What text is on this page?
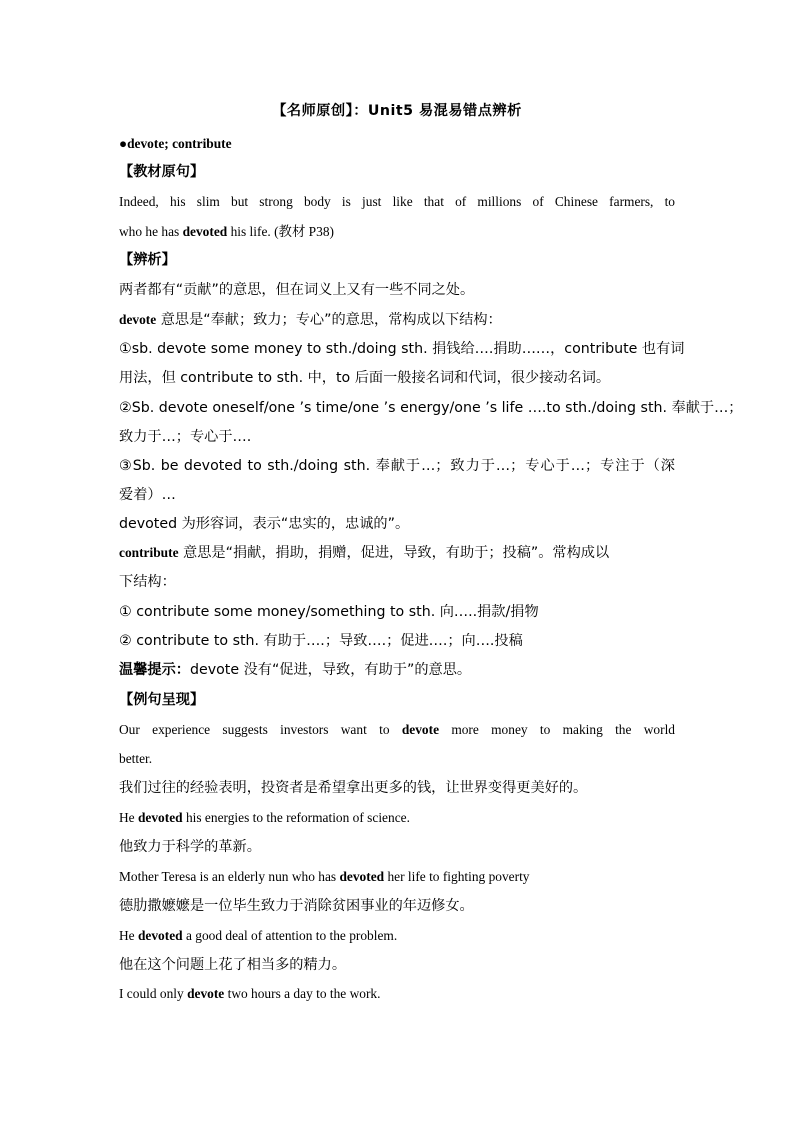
【名师原创】：Unit5 易混易错点辨析
●devote; contribute
【教材原句】
Indeed, his slim but strong body is just like that of millions of Chinese farmers, to
who he has devoted his life. (教材 P38)
【辨析】
两者都有“贡献”的意思，但在词义上又有一些不同之处。
devote 意思是“奉献；致力；专心”的意思，常构成以下结构：
①sb. devote some money to sth./doing sth. 捐钱给….捐助……，contribute 也有词
用法，但 contribute to sth. 中，to 后面一般接名词和代词，很少接动名词。
②Sb. devote oneself/one ’s time/one ’s energy/one ’s life ….to sth./doing sth. 奉献于…；
致力于…；专心于….
③Sb. be devoted to sth./doing sth. 奉献于…；致力于…；专心于…；专注于（深
爱着）…
devoted 为形容词，表示“忠实的，忠诚的”。
contribute 意思是“捐献，捐助，捐赠，促进，导致，有助于；投稿”。常构成以
下结构：
① contribute some money/something to sth. 向…..捐款/捐物
② contribute to sth. 有助于….；导致….；促进….；向….投稿
温馨提示：devote 没有“促进，导致，有助于”的意思。
【例句呈现】
Our experience suggests investors want to devote more money to making the world
better.
我们过往的经验表明，投资者是希望拿出更多的钱，让世界变得更美好的。
He devoted his energies to the reformation of science.
他致力于科学的革新。
Mother Teresa is an elderly nun who has devoted her life to fighting poverty
德肋撒嬷嬷是一位毕生致力于消除贫困事业的年迈修女。
He devoted a good deal of attention to the problem.
他在这个问题上花了相当多的精力。
I could only devote two hours a day to the work.
